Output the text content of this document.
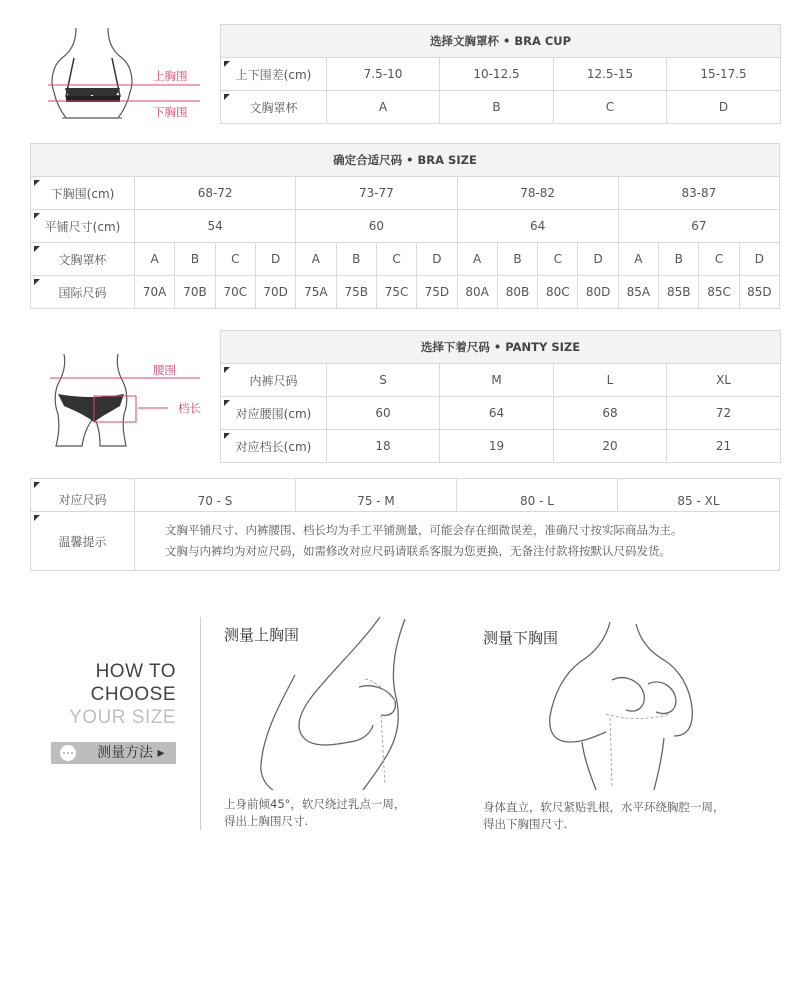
上胸围
下胸围
选择文胸罩杯 • BRA CUP				
上下围差(cm)	7.5-10	10-12.5	12.5-15	15-17.5
文胸罩杯	A	B	C	D
确定合适尺码 • BRA SIZE																
下胸围(cm)	68-72				73-77				78-82				83-87			
平铺尺寸(cm)	54				60				64				67			
文胸罩杯	A	B	C	D	A	B	C	D	A	B	C	D	A	B	C	D
国际尺码	70A	70B	70C	70D	75A	75B	75C	75D	80A	80B	80C	80D	85A	85B	85C	85D
腰围
档长
选择下着尺码 • PANTY SIZE				
内裤尺码	S	M	L	XL
对应腰围(cm)	60	64	68	72
对应档长(cm)	18	19	20	21
对应尺码	70 - S	75 - M	80 - L	85 - XL
温馨提示	文胸平铺尺寸、内裤腰围、档长均为手工平铺测量，可能会存在细微误差，准确尺寸按实际商品为主。
文胸与内裤均为对应尺码，如需修改对应尺码请联系客服为您更换，无备注付款将按默认尺码发货。			
HOW TO
CHOOSE
YOUR SIZE
测量方法 ▸
测量上胸围
上身前倾45°，软尺绕过乳点一周，
得出上胸围尺寸.
测量下胸围
身体直立，软尺紧贴乳根，水平环绕胸腔一周，
得出下胸围尺寸.
